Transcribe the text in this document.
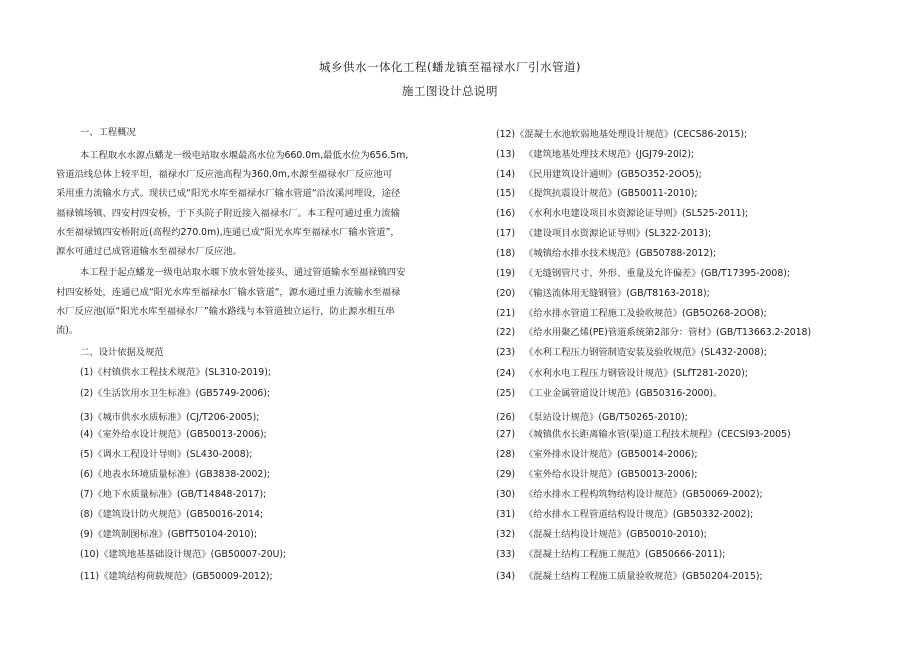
城乡供水一体化工程(蟠龙镇至福禄水厂引水管道)
施工图设计总说明
一、工程概况
本工程取水水源点蟠龙一级电站取水堰最高水位为660.0m,最低水位为656.5m,
管道沿线总体上较平坦，福禄水厂反应池高程为360.0m,水源至福禄水厂反应池可
采用重力流输水方式。现状已成“阳光水库至福禄水厂输水管道“沿汝溪河埋设，途径
福禄镇场镇、四安村四安桥，于下头院子附近接入福禄水厂。本工程可通过重力流输
水至福禄镇四安桥附近(高程约270.0m),连通已成“阳光水库至福禄水厂输水管道”，
源水可通过已成管道输水至福禄水厂反应池。
本工程于起点蟠龙一级电站取水堰下放水管处接头，通过管道输水至福禄镇四安
村四安桥处，连通已成“阳光水库至福禄水厂输水管道“，源水通过重力流输水至福禄
水厂反应池(原“阳光水库至福禄水厂”输水路线与本管道独立运行，防止源水相互串
流)。
二、设计依据及规范
(1)《村镇供水工程技术规范》(SL310-2019);
(2)《生活饮用水卫生标准》(GB5749-2006);
(3)《城市供水水质标准》(CJ/T206-2005);
(4)《室外给水设计规范》(GB50013-2006);
(5)《调水工程设计导则》(SL430-2008);
(6)《地表水环境质量标准》(GB3838-2002);
(7)《地下水质量标准》(GB/T14848-2017);
(8)《建筑设计防火规范》(GB50016-2014;
(9)《建筑制图标准》(GBfT50104-2010);
(10)《建筑地基基础设计规范》(GB50007-20U);
(11)《建筑结构荷载规范》(GB50009-2012);
(12)《混凝土水池软弱地基处理设计规范》(CECS86-2015);
(13) 《建筑地基处理技术规范》(JGJ79-20l2);
(14) 《民用建筑设计通则》(GB5O352-2OO5);
(15) 《提筑抗震设计规范》(GB50011-2010);
(16) 《水利水电建设项目水资源论证导则》(SL525-2011);
(17) 《建设项目水资源论证导则》(SL322-2013);
(18) 《城镇给水排水技术规范》(GB50788-2012);
(19) 《无缝钢管尺寸、外形、重量及允许偏差》(GB/T17395-2008);
(20) 《输送流体用无缝钢管》(GB/T8163-2018);
(21) 《给水排水管道工程施工及验收规范》(GB5O268-2OO8);
(22) 《给水用聚乙烯(PE)管道系统第2部分：管材》(GB/T13663.2-2018)
(23) 《水利工程压力钢管制造安装及验收规范》(SL432-2008);
(24) 《水利水电工程压力钢管设计规范》(SLfT281-2020);
(25) 《工业金属管道设计规范》(GB50316-2000)。
(26) 《泵站设计规范》(GB/T50265-2010);
(27) 《城镇供水长距离输水管(渠)道工程技术规程》(CECSl93-2005)
(28) 《室外排水设计规范》(GB50014-2006);
(29) 《室外给水设计规范》(GB50013-2006);
(30) 《给水排水工程构筑物结构设计规范》(GB50069-2002);
(31) 《给水排水工程管道结构设计规范》(GB50332-2002);
(32) 《混凝土结构设计规范》(GB50010-2010);
(33) 《混凝土结构工程施工规范》(GB50666-2011);
(34) 《混凝土结构工程施工质量验收规范》(GB50204-2015);
